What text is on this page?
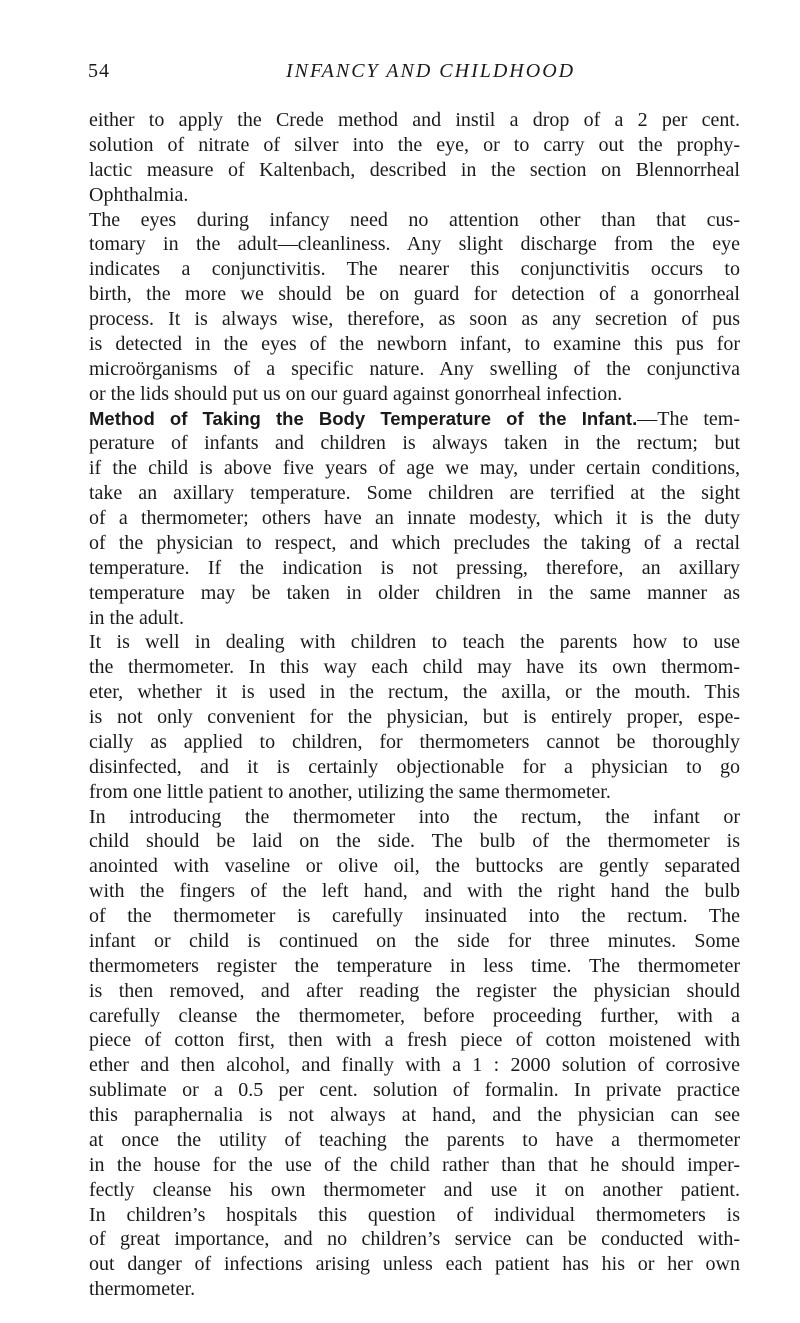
54	INFANCY AND CHILDHOOD
either to apply the Crede method and instil a drop of a 2 per cent.
solution of nitrate of silver into the eye, or to carry out the prophy-
lactic measure of Kaltenbach, described in the section on Blennorrheal
Ophthalmia.
The eyes during infancy need no attention other than that cus-
tomary in the adult—cleanliness. Any slight discharge from the eye
indicates a conjunctivitis. The nearer this conjunctivitis occurs to
birth, the more we should be on guard for detection of a gonorrheal
process. It is always wise, therefore, as soon as any secretion of pus
is detected in the eyes of the newborn infant, to examine this pus for
microörganisms of a specific nature. Any swelling of the conjunctiva
or the lids should put us on our guard against gonorrheal infection.
Method of Taking the Body Temperature of the Infant.—The tem-
perature of infants and children is always taken in the rectum; but
if the child is above five years of age we may, under certain conditions,
take an axillary temperature. Some children are terrified at the sight
of a thermometer; others have an innate modesty, which it is the duty
of the physician to respect, and which precludes the taking of a rectal
temperature. If the indication is not pressing, therefore, an axillary
temperature may be taken in older children in the same manner as
in the adult.
It is well in dealing with children to teach the parents how to use
the thermometer. In this way each child may have its own thermom-
eter, whether it is used in the rectum, the axilla, or the mouth. This
is not only convenient for the physician, but is entirely proper, espe-
cially as applied to children, for thermometers cannot be thoroughly
disinfected, and it is certainly objectionable for a physician to go
from one little patient to another, utilizing the same thermometer.
In introducing the thermometer into the rectum, the infant or
child should be laid on the side. The bulb of the thermometer is
anointed with vaseline or olive oil, the buttocks are gently separated
with the fingers of the left hand, and with the right hand the bulb
of the thermometer is carefully insinuated into the rectum. The
infant or child is continued on the side for three minutes. Some
thermometers register the temperature in less time. The thermometer
is then removed, and after reading the register the physician should
carefully cleanse the thermometer, before proceeding further, with a
piece of cotton first, then with a fresh piece of cotton moistened with
ether and then alcohol, and finally with a 1 : 2000 solution of corrosive
sublimate or a 0.5 per cent. solution of formalin. In private practice
this paraphernalia is not always at hand, and the physician can see
at once the utility of teaching the parents to have a thermometer
in the house for the use of the child rather than that he should imper-
fectly cleanse his own thermometer and use it on another patient.
In children’s hospitals this question of individual thermometers is
of great importance, and no children’s service can be conducted with-
out danger of infections arising unless each patient has his or her own
thermometer.
